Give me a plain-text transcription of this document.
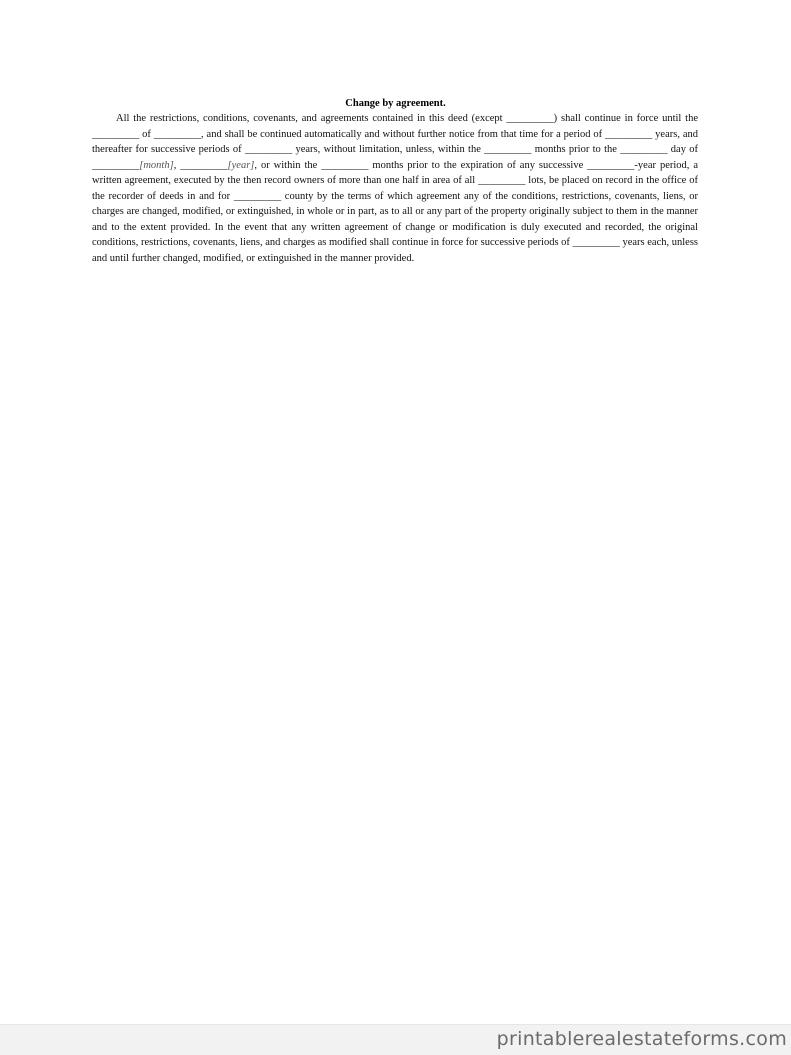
Change by agreement.

All the restrictions, conditions, covenants, and agreements contained in this deed (except _________) shall continue in force until the _________ of _________, and shall be continued automatically and without further notice from that time for a period of _________ years, and thereafter for successive periods of _________ years, without limitation, unless, within the _________ months prior to the _________ day of _________[month], _________[year], or within the _________ months prior to the expiration of any successive _________-year period, a written agreement, executed by the then record owners of more than one half in area of all _________ lots, be placed on record in the office of the recorder of deeds in and for _________ county by the terms of which agreement any of the conditions, restrictions, covenants, liens, or charges are changed, modified, or extinguished, in whole or in part, as to all or any part of the property originally subject to them in the manner and to the extent provided. In the event that any written agreement of change or modification is duly executed and recorded, the original conditions, restrictions, covenants, liens, and charges as modified shall continue in force for successive periods of _________ years each, unless and until further changed, modified, or extinguished in the manner provided.

printablerealestateforms.com
